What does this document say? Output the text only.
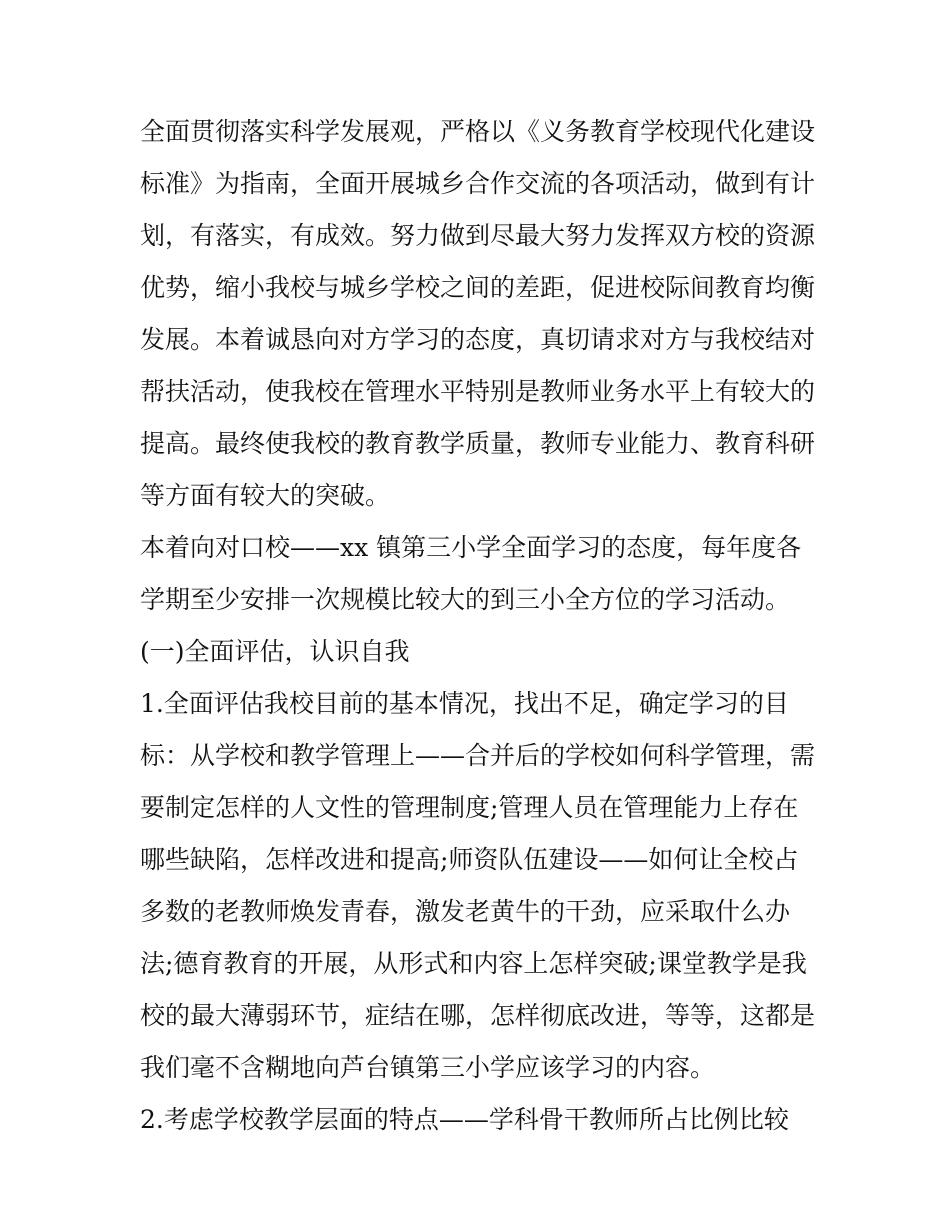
全面贯彻落实科学发展观，严格以《义务教育学校现代化建设
标准》为指南，全面开展城乡合作交流的各项活动，做到有计
划，有落实，有成效。努力做到尽最大努力发挥双方校的资源
优势，缩小我校与城乡学校之间的差距，促进校际间教育均衡
发展。本着诚恳向对方学习的态度，真切请求对方与我校结对
帮扶活动，使我校在管理水平特别是教师业务水平上有较大的
提高。最终使我校的教育教学质量，教师专业能力、教育科研
等方面有较大的突破。
本着向对口校——xx 镇第三小学全面学习的态度，每年度各
学期至少安排一次规模比较大的到三小全方位的学习活动。
(一)全面评估，认识自我
1.全面评估我校目前的基本情况，找出不足，确定学习的目
标：从学校和教学管理上——合并后的学校如何科学管理，需
要制定怎样的人文性的管理制度;管理人员在管理能力上存在
哪些缺陷，怎样改进和提高;师资队伍建设——如何让全校占
多数的老教师焕发青春，激发老黄牛的干劲，应采取什么办
法;德育教育的开展，从形式和内容上怎样突破;课堂教学是我
校的最大薄弱环节，症结在哪，怎样彻底改进，等等，这都是
我们毫不含糊地向芦台镇第三小学应该学习的内容。
2.考虑学校教学层面的特点——学科骨干教师所占比例比较
